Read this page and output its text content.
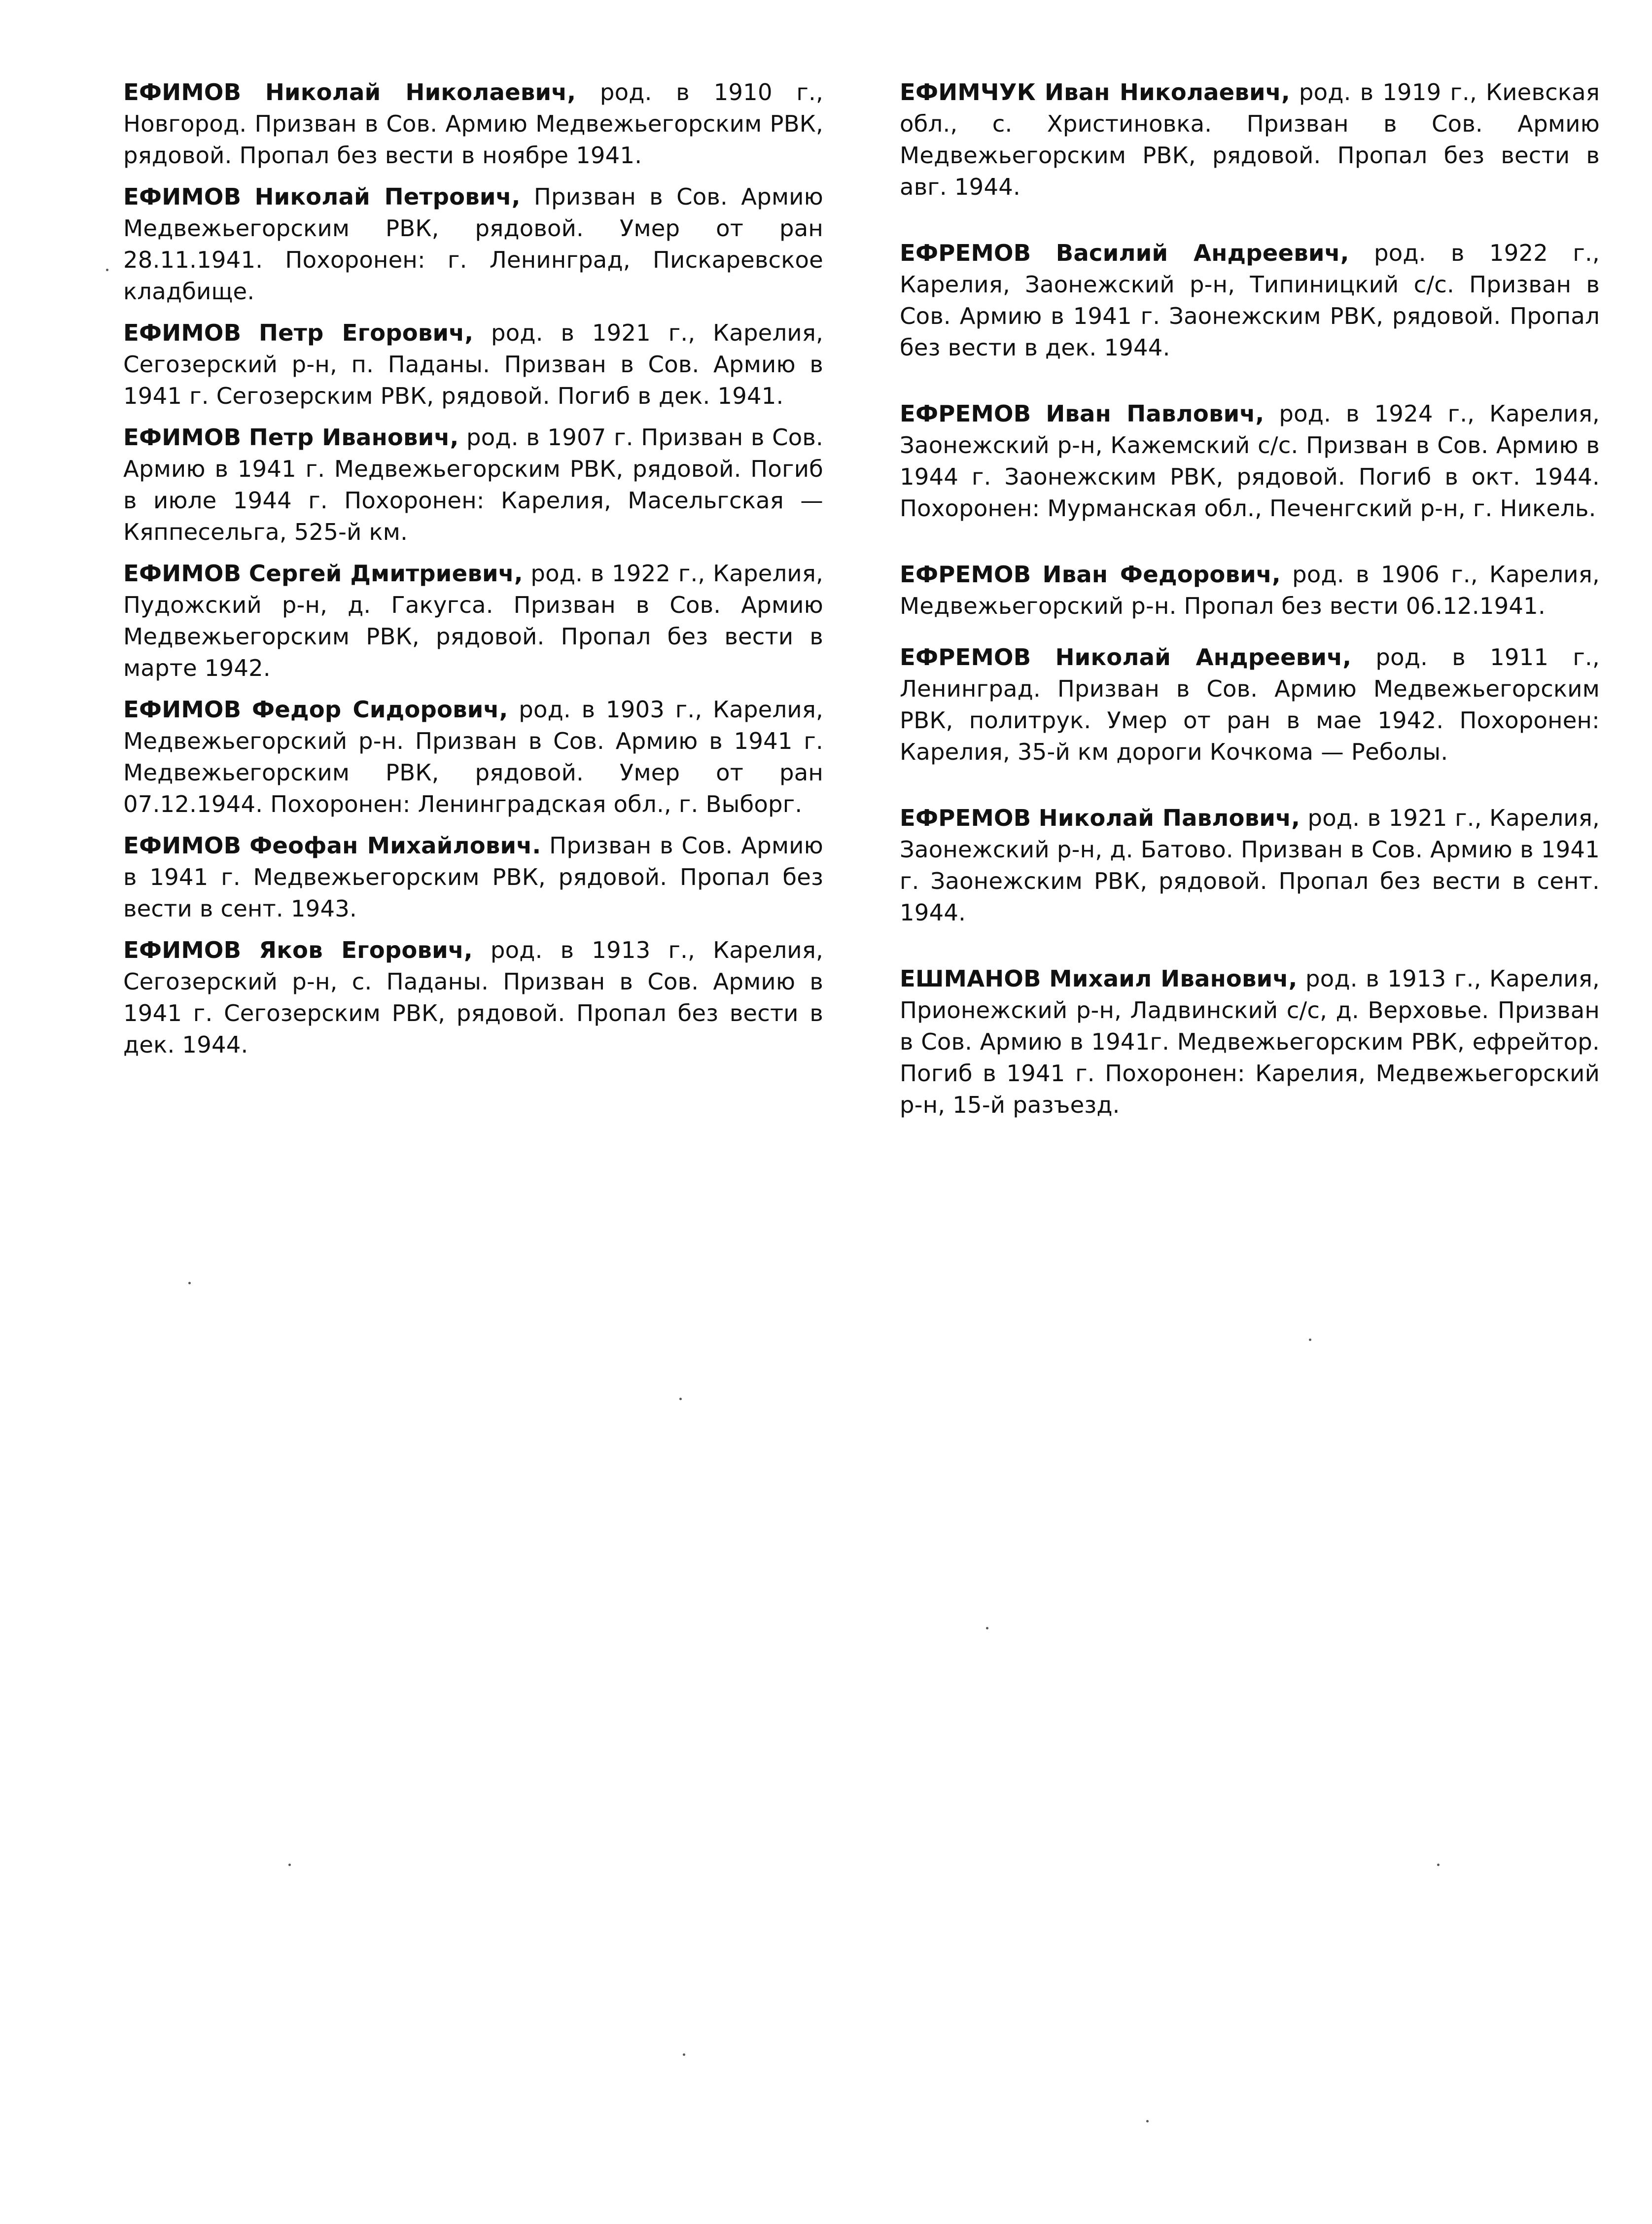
ЕФИМОВ Николай Николаевич, род. в 1910 г., Новгород. Призван в Сов. Армию Медвежьегорским РВК, рядовой. Пропал без вести в ноябре 1941.

ЕФИМОВ Николай Петрович, Призван в Сов. Армию Медвежьегорским РВК, рядовой. Умер от ран 28.11.1941. Похоронен: г. Ленинград, Пискаревское кладбище.

ЕФИМОВ Петр Егорович, род. в 1921 г., Карелия, Сегозерский р-н, п. Паданы. Призван в Сов. Армию в 1941 г. Сегозерским РВК, рядовой. Погиб в дек. 1941.

ЕФИМОВ Петр Иванович, род. в 1907 г. Призван в Сов. Армию в 1941 г. Медвежьегорским РВК, рядовой. Погиб в июле 1944 г. Похоронен: Карелия, Масельгская — Кяппесельга, 525-й км.

ЕФИМОВ Сергей Дмитриевич, род. в 1922 г., Карелия, Пудожский р-н, д. Гакугса. Призван в Сов. Армию Медвежьегорским РВК, рядовой. Пропал без вести в марте 1942.

ЕФИМОВ Федор Сидорович, род. в 1903 г., Карелия, Медвежьегорский р-н. Призван в Сов. Армию в 1941 г. Медвежьегорским РВК, рядовой. Умер от ран 07.12.1944. Похоронен: Ленинградская обл., г. Выборг.

ЕФИМОВ Феофан Михайлович. Призван в Сов. Армию в 1941 г. Медвежьегорским РВК, рядовой. Пропал без вести в сент. 1943.

ЕФИМОВ Яков Егорович, род. в 1913 г., Карелия, Сегозерский р-н, с. Паданы. Призван в Сов. Армию в 1941 г. Сегозерским РВК, рядовой. Пропал без вести в дек. 1944.

ЕФИМЧУК Иван Николаевич, род. в 1919 г., Киевская обл., с. Христиновка. Призван в Сов. Армию Медвежьегорским РВК, рядовой. Пропал без вести в авг. 1944.

ЕФРЕМОВ Василий Андреевич, род. в 1922 г., Карелия, Заонежский р-н, Типиницкий с/с. Призван в Сов. Армию в 1941 г. Заонежским РВК, рядовой. Пропал без вести в дек. 1944.

ЕФРЕМОВ Иван Павлович, род. в 1924 г., Карелия, Заонежский р-н, Кажемский с/с. Призван в Сов. Армию в 1944 г. Заонежским РВК, рядовой. Погиб в окт. 1944. Похоронен: Мурманская обл., Печенгский р-н, г. Никель.

ЕФРЕМОВ Иван Федорович, род. в 1906 г., Карелия, Медвежьегорский р-н. Пропал без вести 06.12.1941.

ЕФРЕМОВ Николай Андреевич, род. в 1911 г., Ленинград. Призван в Сов. Армию Медвежьегорским РВК, политрук. Умер от ран в мае 1942. Похоронен: Карелия, 35-й км дороги Кочкома — Реболы.

ЕФРЕМОВ Николай Павлович, род. в 1921 г., Карелия, Заонежский р-н, д. Батово. Призван в Сов. Армию в 1941 г. Заонежским РВК, рядовой. Пропал без вести в сент. 1944.

ЕШМАНОВ Михаил Иванович, род. в 1913 г., Карелия, Прионежский р-н, Ладвинский с/с, д. Верховье. Призван в Сов. Армию в 1941г. Медвежьегорским РВК, ефрейтор. Погиб в 1941 г. Похоронен: Карелия, Медвежьегорский р-н, 15-й разъезд.
